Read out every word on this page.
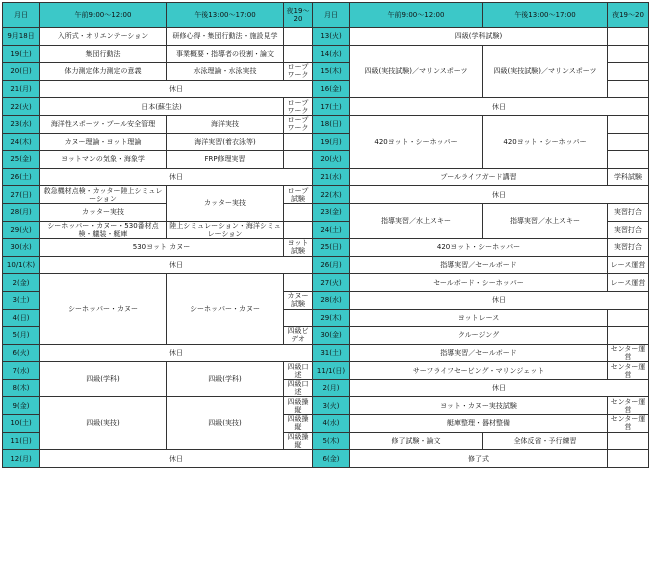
月日	午前9:00～12:00	午後13:00～17:00	夜19～20	月日	午前9:00～12:00	午後13:00～17:00	夜19～20
9月18日	入所式・オリエンテーション	研修心得・集団行動法・施設見学		13(火)	四級(学科試験)		
19(土)	集団行動法	事業概要・指導者の役割・論文		14(水)	四級(実技試験)／マリンスポーツ	四級(実技試験)／マリンスポーツ	
20(日)	体力測定体力測定の意義	水泳理論・水泳実技	ロープワーク	15(木)			
21(月)	休日			16(金)			
22(火)	日本(蘇生法)		ロープワーク	17(土)	休日		
23(水)	海洋性スポーツ・プール安全管理	海洋実技	ロープワーク	18(日)	420ヨット・シーホッパー	420ヨット・シーホッパー	
24(木)	カヌー理論・ヨット理論	海洋実習(着衣泳等)		19(月)			
25(金)	ヨットマンの気象・海象学	FRP修理実習		20(火)			
26(土)	休日			21(水)	プールライフガード講習		学科試験
27(日)	救急機材点検・カッター陸上シミュレーション	カッター実技	ロープ試験	22(木)	休日		
28(月)	カッター実技			23(金)	指導実習／水上スキー	指導実習／水上スキー	実習打合
29(火)	シーホッパー・カヌー・530番材点検・艤装・艇庫	陸上シミュレーション・海洋シミュレーション		24(土)			実習打合
30(水)	530ヨット カヌー		ヨット試験	25(日)	420ヨット・シーホッパー		実習打合
10/1(木)	休日			26(月)	指導実習／セールボード		レース運営
2(金)	シーホッパー・カヌー	シーホッパー・カヌー		27(火)	セールボード・シーホッパー		レース運営
3(土)			カヌー試験	28(水)	休日		
4(日)				29(木)	ヨットレース		
5(月)			四級ビデオ	30(金)	クルージング		
6(火)	休日			31(土)	指導実習／セールボード		センター運営
7(水)	四級(学科)	四級(学科)	四級口述	11/1(日)	サーフライフセービング・マリンジェット		センター運営
8(木)			四級口述	2(月)	休日		
9(金)	四級(実技)	四級(実技)	四級操縦	3(火)	ヨット・カヌー実技試験		センター運営
10(土)			四級操縦	4(水)	艇庫整理・器材整備		センター運営
11(日)			四級操縦	5(木)	修了試験・論文	全体反省・予行練習	
12(月)	休日			6(金)	修了式		
